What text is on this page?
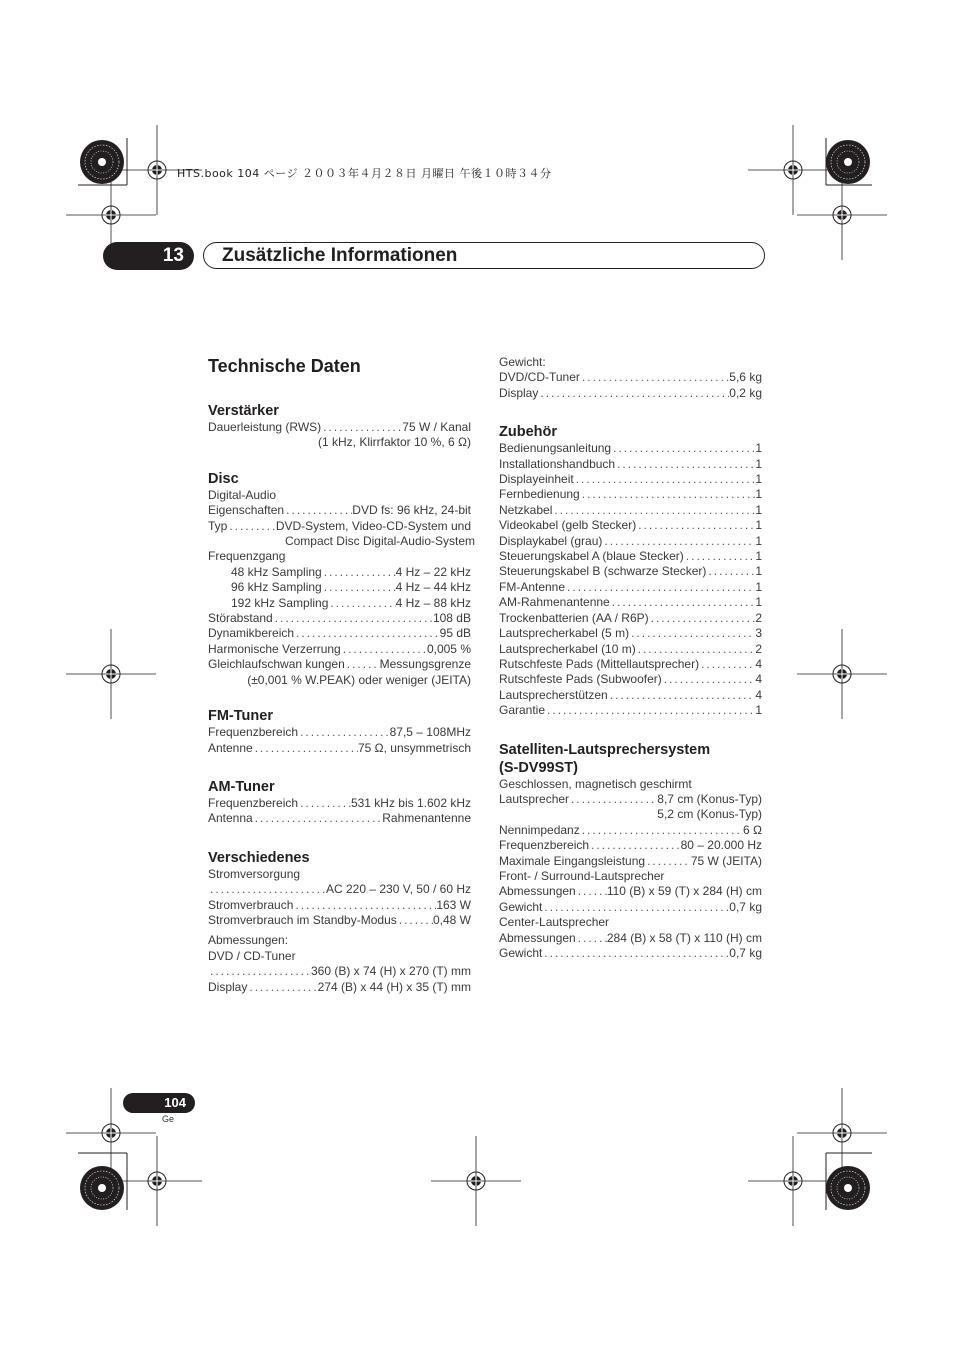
HTS.book 104 ページ ２００３年４月２８日 月曜日 午後１０時３４分
13	Zusätzliche Informationen
Technische Daten
Verstärker
Dauerleistung (RWS) .....	75 W / Kanal
(1 kHz, Klirrfaktor 10 %, 6 Ω)
Disc
Digital-Audio
Eigenschaften .....	DVD fs: 96 kHz, 24-bit
Typ .....	DVD-System, Video-CD-System und
Compact Disc Digital-Audio-System
Frequenzgang
48 kHz Sampling .....	4 Hz – 22 kHz
96 kHz Sampling .....	4 Hz – 44 kHz
192 kHz Sampling .....	4 Hz – 88 kHz
Störabstand .....	108 dB
Dynamikbereich .....	95 dB
Harmonische Verzerrung .....	0,005 %
Gleichlaufschwan kungen .....	Messungsgrenze
(±0,001 % W.PEAK) oder weniger (JEITA)
FM-Tuner
Frequenzbereich .....	87,5 – 108MHz
Antenne .....	75 Ω, unsymmetrisch
AM-Tuner
Frequenzbereich .....	531 kHz bis 1.602 kHz
Antenna .....	Rahmenantenne
Verschiedenes
Stromversorgung
.....
AC 220 – 230 V, 50 / 60 Hz
Stromverbrauch .....	163 W
Stromverbrauch im Standby-Modus .....	0,48 W
Abmessungen:
DVD / CD-Tuner
.....
360 (B) x 74 (H) x 270 (T) mm
Display .....	274 (B) x 44 (H) x 35 (T) mm
Gewicht:
DVD/CD-Tuner .....	5,6 kg
Display .....	0,2 kg
Zubehör
Bedienungsanleitung .....	1
Installationshandbuch .....	1
Displayeinheit .....	1
Fernbedienung .....	1
Netzkabel .....	1
Videokabel (gelb Stecker) .....	1
Displaykabel (grau) .....	1
Steuerungskabel A (blaue Stecker) .....	1
Steuerungskabel B (schwarze Stecker) .....	1
FM-Antenne .....	1
AM-Rahmenantenne .....	1
Trockenbatterien (AA / R6P) .....	2
Lautsprecherkabel (5 m) .....	3
Lautsprecherkabel (10 m) .....	2
Rutschfeste Pads (Mittellautsprecher) .....	4
Rutschfeste Pads (Subwoofer) .....	4
Lautsprecherstützen .....	4
Garantie .....	1
Satelliten-Lautsprechersystem
(S-DV99ST)
Geschlossen, magnetisch geschirmt
Lautsprecher .....	8,7 cm (Konus-Typ)
5,2 cm (Konus-Typ)
Nennimpedanz .....	6 Ω
Frequenzbereich .....	80 – 20.000 Hz
Maximale Eingangsleistung .....	75 W (JEITA)
Front- / Surround-Lautsprecher
Abmessungen .....	110 (B) x 59 (T) x 284 (H) cm
Gewicht .....	0,7 kg
Center-Lautsprecher
Abmessungen .....	284 (B) x 58 (T) x 110 (H) cm
Gewicht .....	0,7 kg
104
Ge
